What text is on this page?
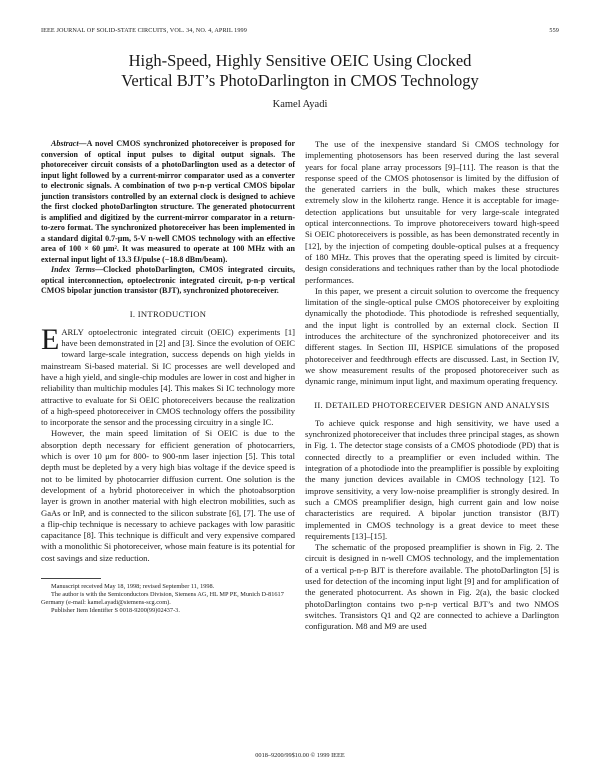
IEEE JOURNAL OF SOLID-STATE CIRCUITS, VOL. 34, NO. 4, APRIL 1999	559
High-Speed, Highly Sensitive OEIC Using Clocked
Vertical BJT’s PhotoDarlington in CMOS Technology
Kamel Ayadi

Abstract—A novel CMOS synchronized photoreceiver is proposed for conversion of optical input pulses to digital output signals. The photoreceiver circuit consists of a photoDarlington used as a detector of input light followed by a current-mirror comparator used as a converter to electronic signals. A combination of two p-n-p vertical CMOS bipolar junction transistors controlled by an external clock is designed to achieve the first clocked photoDarlington structure. The generated photocurrent is amplified and digitized by the current-mirror comparator in a return-to-zero format. The synchronized photoreceiver has been implemented in a standard digital 0.7-μm, 5-V n-well CMOS technology with an effective area of 100 × 60 μm². It was measured to operate at 100 MHz with an external input light of 13.3 fJ/pulse (−18.8 dBm/beam).

Index Terms—Clocked photoDarlington, CMOS integrated circuits, optical interconnection, optoelectronic integrated circuit, p-n-p vertical CMOS bipolar junction transistor (BJT), synchronized photoreceiver.

I. INTRODUCTION

EARLY optoelectronic integrated circuit (OEIC) experiments [1] have been demonstrated in [2] and [3]. Since the evolution of OEIC toward large-scale integration, success depends on high yields in mainstream Si-based material. Si IC processes are well developed and have a high yield, and single-chip modules are lower in cost and higher in reliability than multichip modules [4]. This makes Si IC technology more attractive to evaluate for Si OEIC photoreceivers because the realization of a high-speed photoreceiver in CMOS technology offers the possibility to incorporate the sensor and the processing circuitry in a single IC.

However, the main speed limitation of Si OEIC is due to the absorption depth necessary for efficient generation of photocarriers, which is over 10 μm for 800- to 900-nm laser injection [5]. This total depth must be depleted by a very high bias voltage if the device speed is not to be limited by photocarrier diffusion current. One solution is the development of a hybrid photoreceiver in which the photoabsorption layer is grown in another material with high electron mobilities, such as GaAs or InP, and is connected to the silicon substrate [6], [7]. The use of a flip-chip technique is necessary to achieve packages with low parasitic capacitance [8]. This technique is difficult and very expensive compared with a monolithic Si photoreceiver, whose main feature is its potential for cost savings and size reduction.

Manuscript received May 18, 1998; revised September 11, 1998.

The author is with the Semiconductors Division, Siemens AG, HL MP PE, Munich D-81617 Germany (e-mail: kamel.ayadi@siemens-scg.com).

Publisher Item Identifier S 0018-9200(99)02437-3.

The use of the inexpensive standard Si CMOS technology for implementing photosensors has been reserved during the last several years for focal plane array processors [9]–[11]. The reason is that the response speed of the CMOS photosensor is limited by the diffusion of the generated carriers in the bulk, which makes these structures extremely slow in the kilohertz range. Hence it is acceptable for image-detection applications but unsuitable for very large-scale integrated optical interconnections. To improve photoreceivers toward high-speed Si OEIC photoreceivers is possible, as has been demonstrated recently in [12], by the injection of competing double-optical pulses at a frequency of 180 MHz. This proves that the operating speed is limited by circuit-design considerations and techniques rather than by the local photodiode performances.

In this paper, we present a circuit solution to overcome the frequency limitation of the single-optical pulse CMOS photoreceiver by exploiting dynamically the photodiode. This photodiode is refreshed sequentially, and the input light is controlled by an external clock. Section II introduces the architecture of the synchronized photoreceiver and its different stages. In Section III, HSPICE simulations of the proposed photoreceiver and feedthrough effects are discussed. Last, in Section IV, we show measurement results of the proposed photoreceiver such as dynamic range, minimum input light, and maximum operating frequency.

II. DETAILED PHOTORECEIVER DESIGN AND ANALYSIS

To achieve quick response and high sensitivity, we have used a synchronized photoreceiver that includes three principal stages, as shown in Fig. 1. The detector stage consists of a CMOS photodiode (PD) that is connected directly to a preamplifier or even included within. The integration of a photodiode into the preamplifier is possible by exploiting the many junction devices available in CMOS technology [12]. To improve sensitivity, a very low-noise preamplifier is strongly desired. In such a CMOS preamplifier design, high current gain and low noise characteristics are required. A bipolar junction transistor (BJT) implemented in CMOS technology is a great device to meet these requirements [13]–[15].

The schematic of the proposed preamplifier is shown in Fig. 2. The circuit is designed in n-well CMOS technology, and the implementation of a vertical p-n-p BJT is therefore available. The photoDarlington [5] is used for detection of the incoming input light [9] and for amplification of the generated photocurrent. As shown in Fig. 2(a), the basic clocked photoDarlington contains two p-n-p vertical BJT’s and two NMOS switches. Transistors Q1 and Q2 are connected to achieve a Darlington configuration. M8 and M9 are used

0018–9200/99$10.00 © 1999 IEEE
